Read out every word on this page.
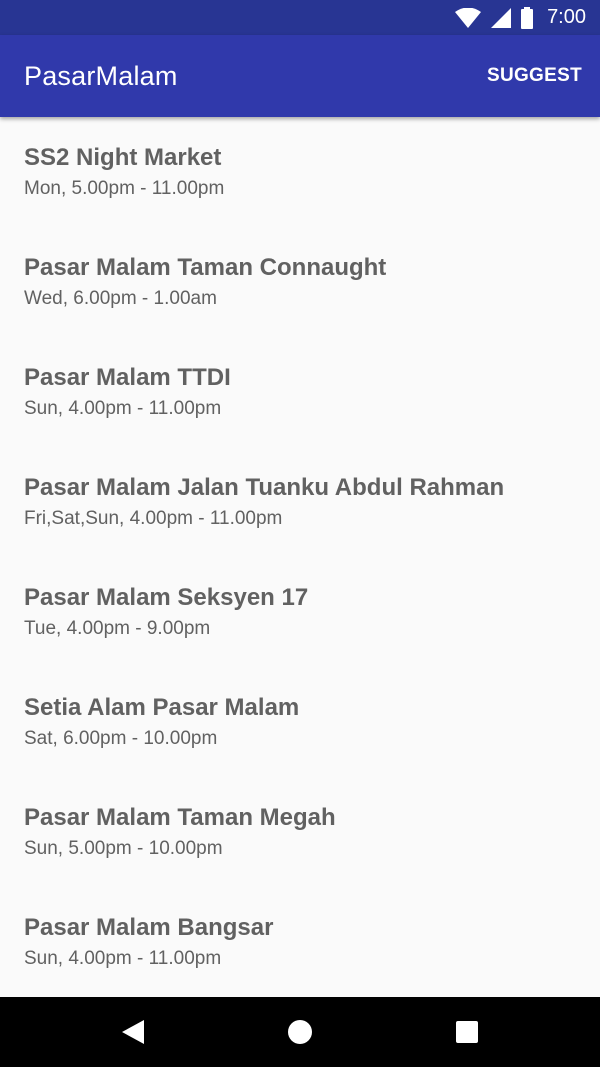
7:00
PasarMalam	SUGGEST
SS2 Night Market
Mon, 5.00pm - 11.00pm
Pasar Malam Taman Connaught
Wed, 6.00pm - 1.00am
Pasar Malam TTDI
Sun, 4.00pm - 11.00pm
Pasar Malam Jalan Tuanku Abdul Rahman
Fri,Sat,Sun, 4.00pm - 11.00pm
Pasar Malam Seksyen 17
Tue, 4.00pm - 9.00pm
Setia Alam Pasar Malam
Sat, 6.00pm - 10.00pm
Pasar Malam Taman Megah
Sun, 5.00pm - 10.00pm
Pasar Malam Bangsar
Sun, 4.00pm - 11.00pm
